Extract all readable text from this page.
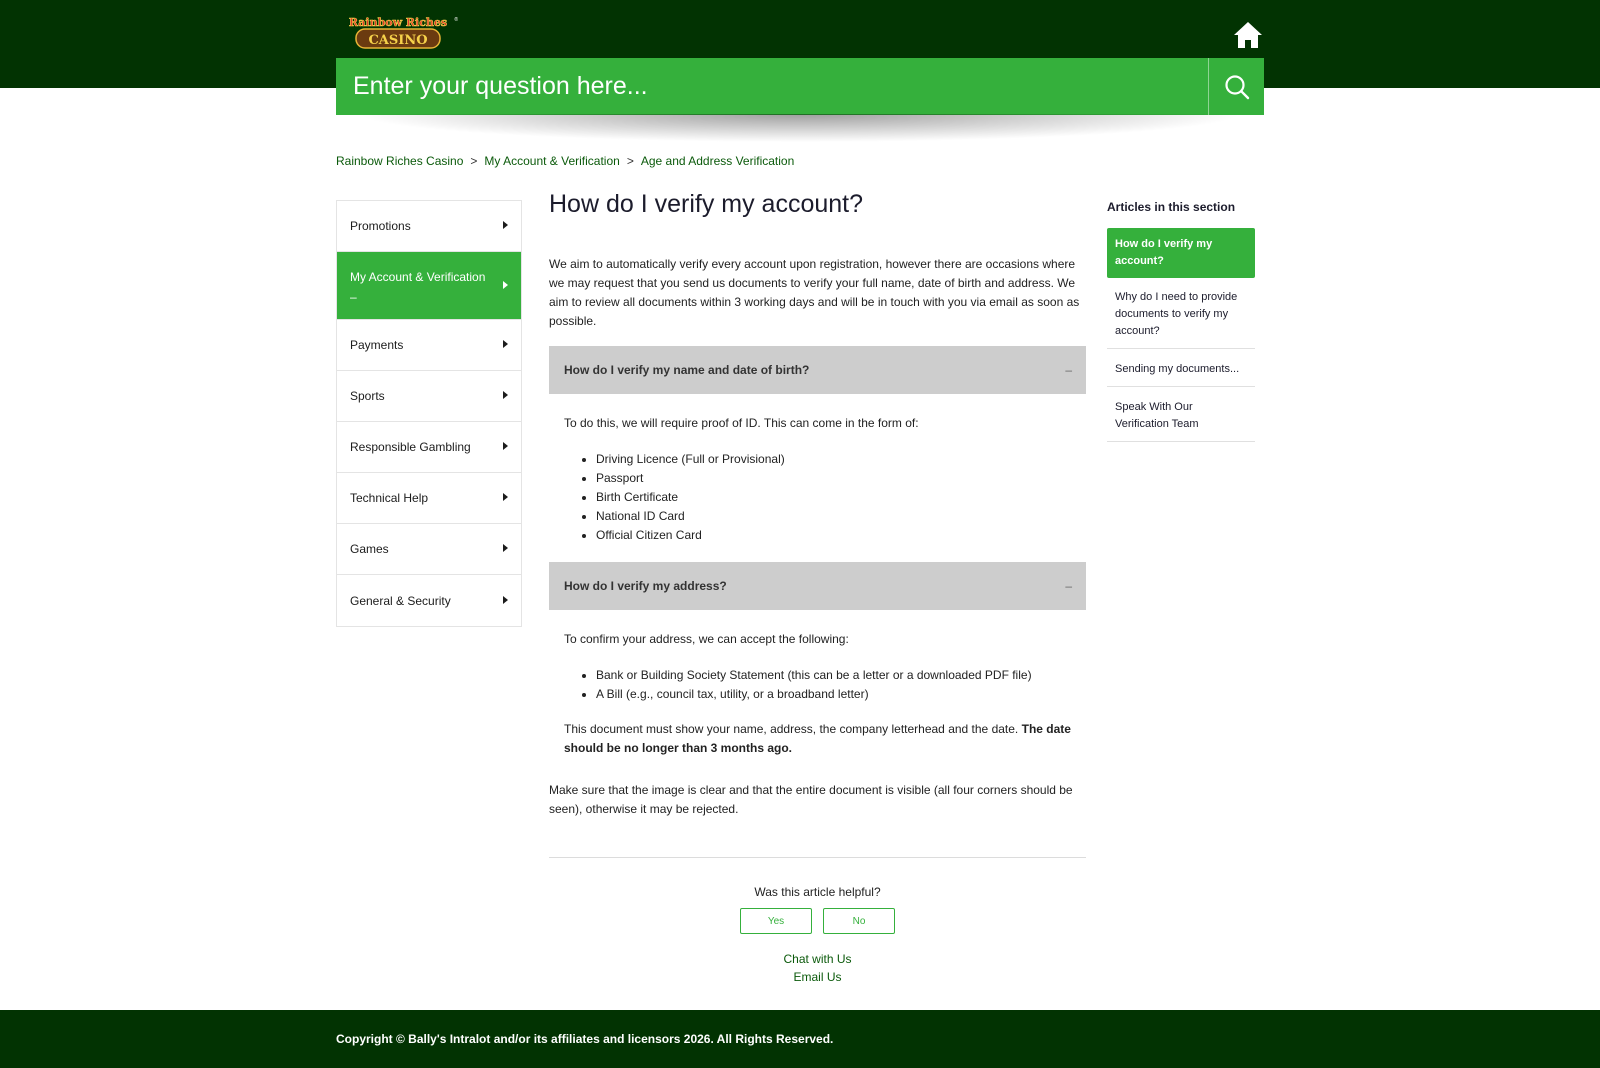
Rainbow Riches
CASINO
®
Enter your question here...
Rainbow Riches Casino > My Account & Verification > Age and Address Verification
Promotions
My Account & Verification
–
Payments
Sports
Responsible Gambling
Technical Help
Games
General & Security
How do I verify my account?

We aim to automatically verify every account upon registration, however there are occasions where we may request that you send us documents to verify your full name, date of birth and address. We aim to review all documents within 3 working days and will be in touch with you via email as soon as possible.

How do I verify my name and date of birth?	–

To do this, we will require proof of ID. This can come in the form of:

• Driving Licence (Full or Provisional)
• Passport
• Birth Certificate
• National ID Card
• Official Citizen Card
How do I verify my address?	–

To confirm your address, we can accept the following:

• Bank or Building Society Statement (this can be a letter or a downloaded PDF file)
• A Bill (e.g., council tax, utility, or a broadband letter)

This document must show your name, address, the company letterhead and the date. The date should be no longer than 3 months ago.

Make sure that the image is clear and that the entire document is visible (all four corners should be seen), otherwise it may be rejected.

Was this article helpful?
Yes	No
Chat with Us
Email Us
Articles in this section
How do I verify my account?
Why do I need to provide documents to verify my account?
Sending my documents...
Speak With Our Verification Team
Copyright © Bally's Intralot and/or its affiliates and licensors 2026. All Rights Reserved.
